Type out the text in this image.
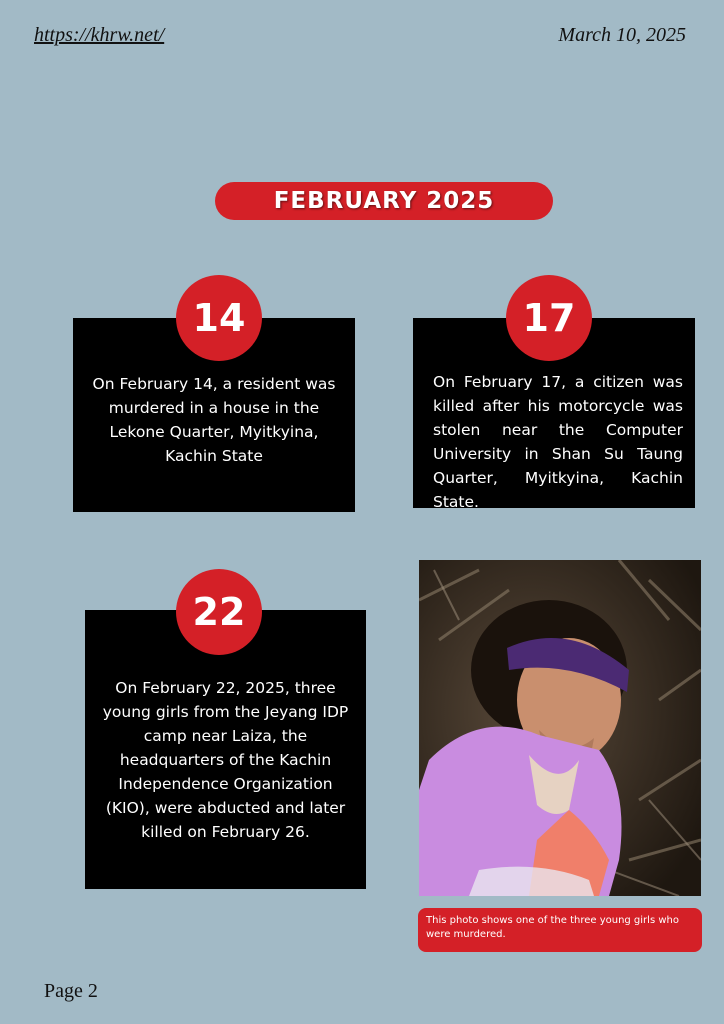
https://khrw.net/	March 10, 2025
FEBRUARY 2025
On February 14, a resident was murdered in a house in the Lekone Quarter, Myitkyina, Kachin State
14
On February 17, a citizen was killed after his motorcycle was stolen near the Computer University in Shan Su Taung Quarter, Myitkyina, Kachin State.
17
On February 22, 2025, three young girls from the Jeyang IDP camp near Laiza, the headquarters of the Kachin Independence Organization (KIO), were abducted and later killed on February 26.
22
This photo shows one of the three young girls who were murdered.
Page 2
